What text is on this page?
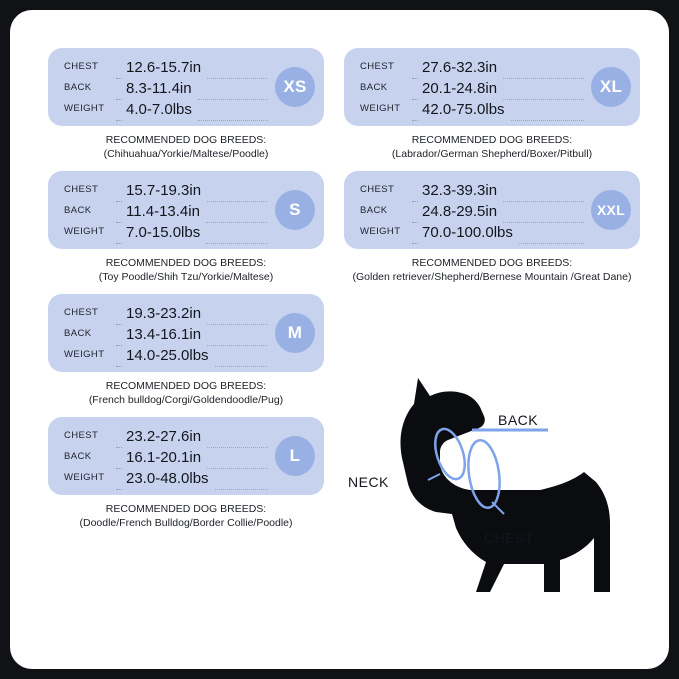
CHEST	12.6-15.7in
BACK	8.3-11.4in
WEIGHT	4.0-7.0lbs
XS
RECOMMENDED DOG BREEDS:
(Chihuahua/Yorkie/Maltese/Poodle)
CHEST	15.7-19.3in
BACK	11.4-13.4in
WEIGHT	7.0-15.0lbs
S
RECOMMENDED DOG BREEDS:
(Toy Poodle/Shih Tzu/Yorkie/Maltese)
CHEST	19.3-23.2in
BACK	13.4-16.1in
WEIGHT	14.0-25.0lbs
M
RECOMMENDED DOG BREEDS:
(French bulldog/Corgi/Goldendoodle/Pug)
CHEST	23.2-27.6in
BACK	16.1-20.1in
WEIGHT	23.0-48.0lbs
L
RECOMMENDED DOG BREEDS:
(Doodle/French Bulldog/Border Collie/Poodle)
CHEST	27.6-32.3in
BACK	20.1-24.8in
WEIGHT	42.0-75.0lbs
XL
RECOMMENDED DOG BREEDS:
(Labrador/German Shepherd/Boxer/Pitbull)
CHEST	32.3-39.3in
BACK	24.8-29.5in
WEIGHT	70.0-100.0lbs
XXL
RECOMMENDED DOG BREEDS:
(Golden retriever/Shepherd/Bernese Mountain /Great Dane)
BACK
NECK
CHEST
